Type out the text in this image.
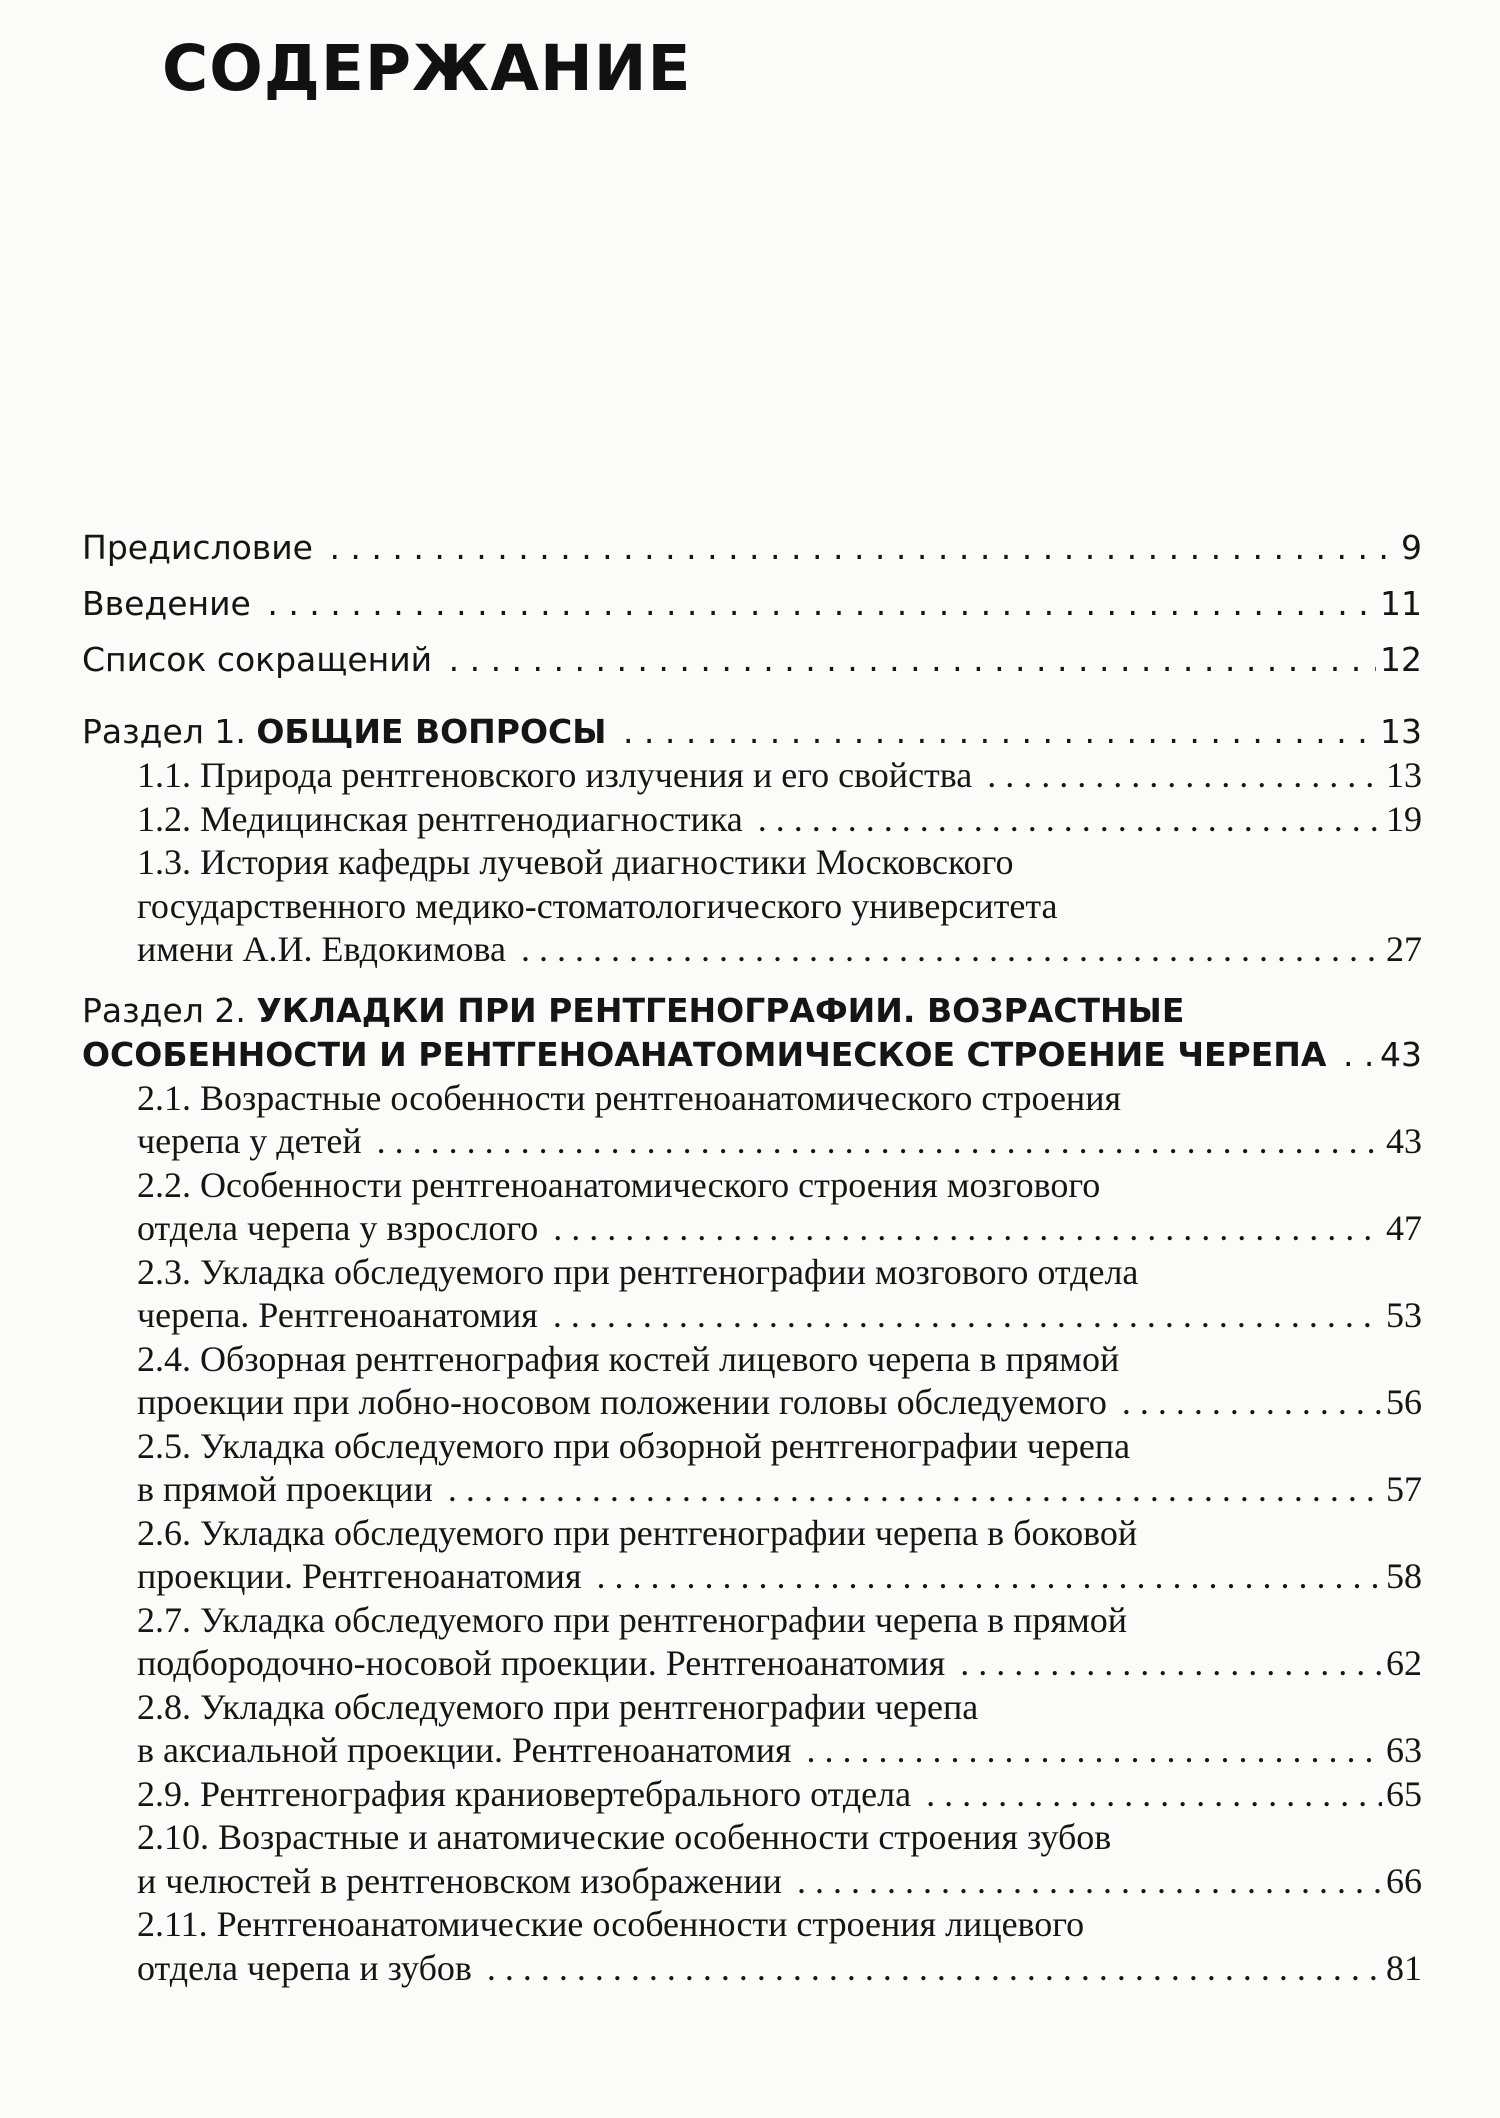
СОДЕРЖАНИЕ
Предисловие	9
. . .
Введение	11
. . .
Список сокращений	12
. . .
Раздел 1. ОБЩИЕ ВОПРОСЫ	13
. . .
1.1. Природа рентгеновского излучения и его свойства	13
. . .
1.2. Медицинская рентгенодиагностика	19
. . .
1.3. История кафедры лучевой диагностики Московского
государственного медико-стоматологического университета
имени А.И. Евдокимова	27
. . .
Раздел 2. УКЛАДКИ ПРИ РЕНТГЕНОГРАФИИ. ВОЗРАСТНЫЕ
ОСОБЕННОСТИ И РЕНТГЕНОАНАТОМИЧЕСКОЕ СТРОЕНИЕ ЧЕРЕПА 43
. . .
2.1. Возрастные особенности рентгеноанатомического строения
черепа у детей	43
. . .
2.2. Особенности рентгеноанатомического строения мозгового
отдела черепа у взрослого	47
. . .
2.3. Укладка обследуемого при рентгенографии мозгового отдела
черепа. Рентгеноанатомия	53
. . .
2.4. Обзорная рентгенография костей лицевого черепа в прямой
проекции при лобно-носовом положении головы обследуемого	56
. . .
2.5. Укладка обследуемого при обзорной рентгенографии черепа
в прямой проекции	57
. . .
2.6. Укладка обследуемого при рентгенографии черепа в боковой
проекции. Рентгеноанатомия	58
. . .
2.7. Укладка обследуемого при рентгенографии черепа в прямой
подбородочно-носовой проекции. Рентгеноанатомия	62
. . .
2.8. Укладка обследуемого при рентгенографии черепа
в аксиальной проекции. Рентгеноанатомия	63
. . .
2.9. Рентгенография краниовертебрального отдела	65
. . .
2.10. Возрастные и анатомические особенности строения зубов
и челюстей в рентгеновском изображении	66
. . .
2.11. Рентгеноанатомические особенности строения лицевого
отдела черепа и зубов	81
. . .
